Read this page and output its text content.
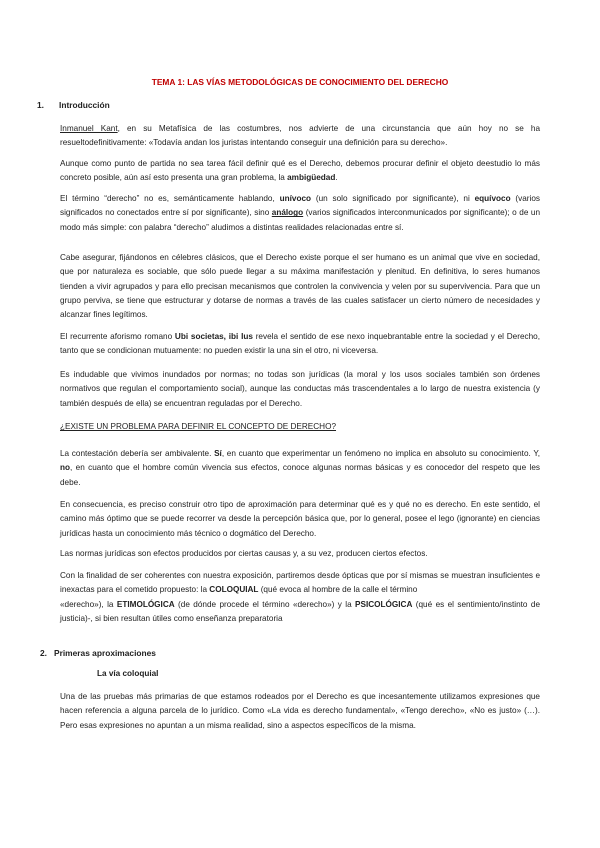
TEMA 1: LAS VÍAS METODOLÓGICAS DE CONOCIMIENTO DEL DERECHO
1. Introducción

Inmanuel Kant, en su Metafísica de las costumbres, nos advierte de una circunstancia que aún hoy no se ha resueltodefinitivamente: «Todavía andan los juristas intentando conseguir una definición para su derecho».

Aunque como punto de partida no sea tarea fácil definir qué es el Derecho, debemos procurar definir el objeto deestudio lo más concreto posible, aún así esto presenta una gran problema, la ambigüedad.

El término “derecho” no es, semánticamente hablando, unívoco (un solo significado por significante), ni equívoco (varios significados no conectados entre sí por significante), sino análogo (varios significados interconmunicados por significante); o de un modo más simple: con palabra “derecho” aludimos a distintas realidades relacionadas entre sí.

Cabe asegurar, fijándonos en célebres clásicos, que el Derecho existe porque el ser humano es un animal que vive en sociedad, que por naturaleza es sociable, que sólo puede llegar a su máxima manifestación y plenitud. En definitiva, lo seres humanos tienden a vivir agrupados y para ello precisan mecanismos que controlen la convivencia y velen por su supervivencia. Para que un grupo perviva, se tiene que estructurar y dotarse de normas a través de las cuales satisfacer un cierto número de necesidades y alcanzar fines legítimos.

El recurrente aforismo romano Ubi societas, ibi Ius revela el sentido de ese nexo inquebrantable entre la sociedad y el Derecho, tanto que se condicionan mutuamente: no pueden existir la una sin el otro, ni viceversa.

Es indudable que vivimos inundados por normas; no todas son jurídicas (la moral y los usos sociales también son órdenes normativos que regulan el comportamiento social), aunque las conductas más trascendentales a lo largo de nuestra existencia (y también después de ella) se encuentran reguladas por el Derecho.

¿EXISTE UN PROBLEMA PARA DEFINIR EL CONCEPTO DE DERECHO?

La contestación debería ser ambivalente. Sí, en cuanto que experimentar un fenómeno no implica en absoluto su conocimiento. Y, no, en cuanto que el hombre común vivencia sus efectos, conoce algunas normas básicas y es conocedor del respeto que les debe.

En consecuencia, es preciso construir otro tipo de aproximación para determinar qué es y qué no es derecho. En este sentido, el camino más óptimo que se puede recorrer va desde la percepción básica que, por lo general, posee el lego (ignorante) en ciencias jurídicas hasta un conocimiento más técnico o dogmático del Derecho.

Las normas jurídicas son efectos producidos por ciertas causas y, a su vez, producen ciertos efectos.

Con la finalidad de ser coherentes con nuestra exposición, partiremos desde ópticas que por sí mismas se muestran insuficientes e inexactas para el cometido propuesto: la COLOQUIAL (qué evoca al hombre de la calle el término
«derecho»), la ETIMOLÓGICA (de dónde procede el término «derecho») y la PSICOLÓGICA (qué es el sentimiento/instinto de justicia)-, si bien resultan útiles como enseñanza preparatoria

2. Primeras aproximaciones
La vía coloquial

Una de las pruebas más primarias de que estamos rodeados por el Derecho es que incesantemente utilizamos expresiones que hacen referencia a alguna parcela de lo jurídico. Como «La vida es derecho fundamental», «Tengo derecho», «No es justo» (…). Pero esas expresiones no apuntan a un misma realidad, sino a aspectos específicos de la misma.
